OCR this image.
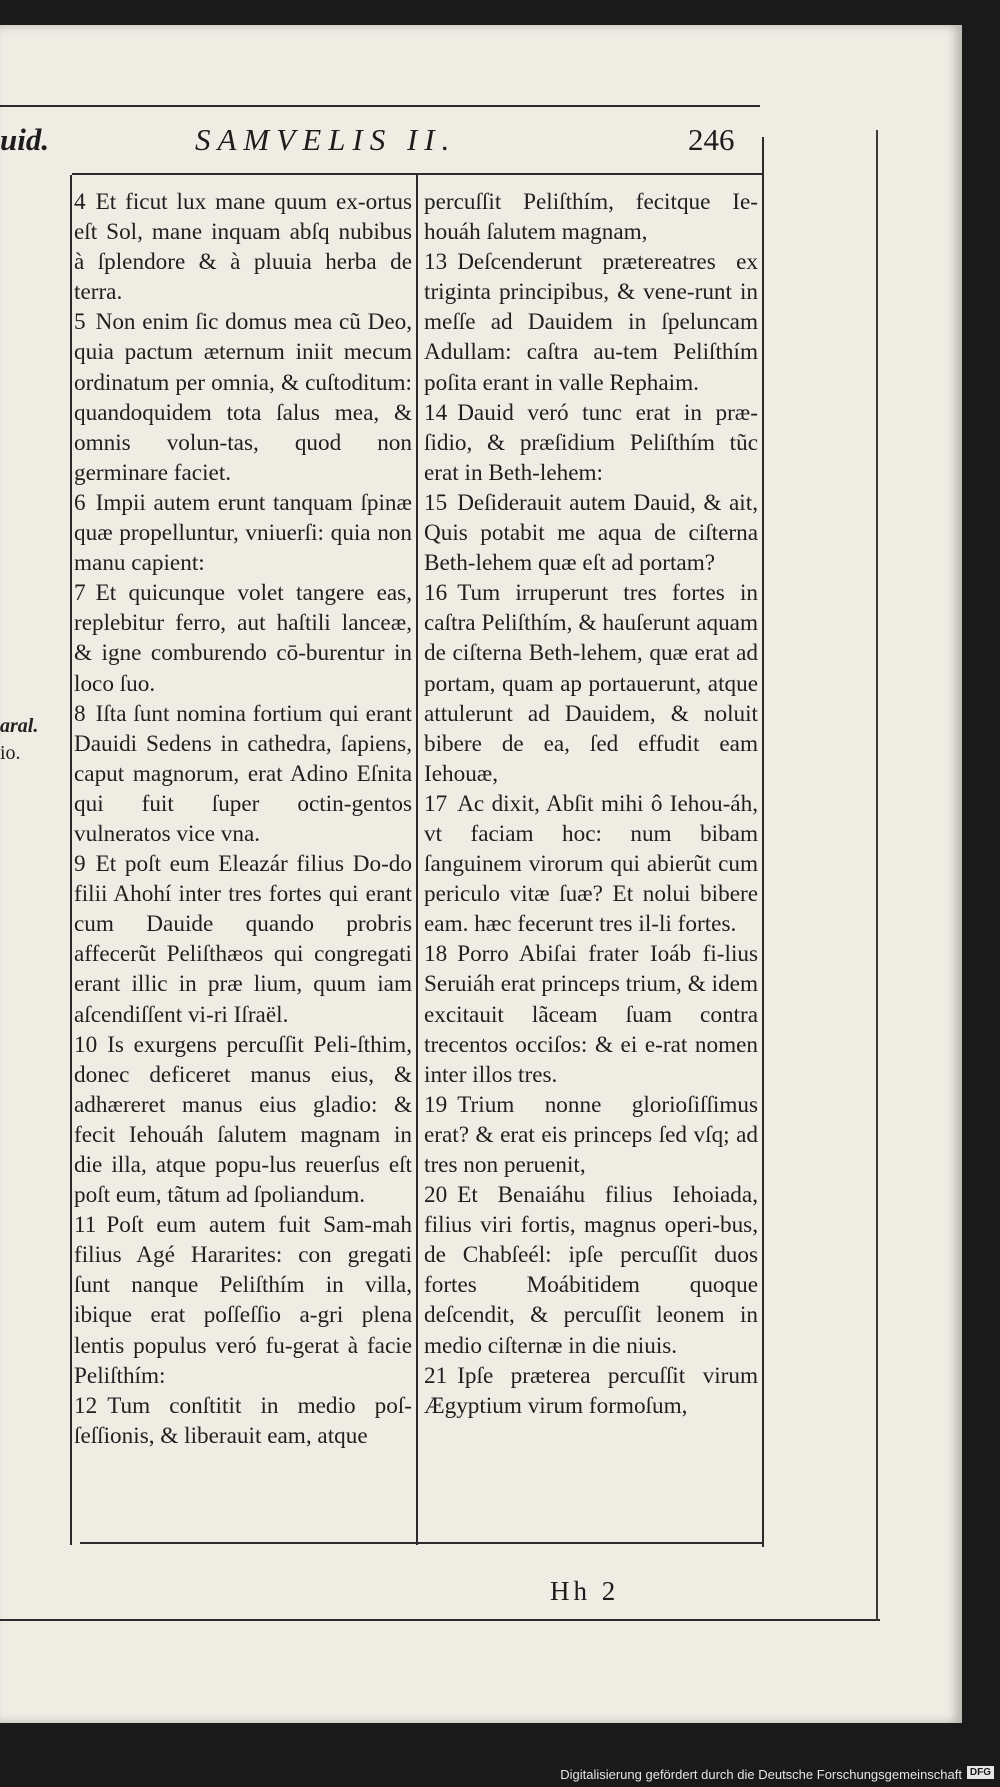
uid.	SAMVELIS II.	246
aral.
io.

4 Et ficut lux mane quum ex-ortus eſt Sol, mane inquam abſq nubibus à ſplendore & à pluuia herba de terra.

5 Non enim ſic domus mea cũ Deo, quia pactum æternum iniit mecum ordinatum per omnia, & cuſtoditum: quandoquidem tota ſalus mea, & omnis volun-tas, quod non germinare faciet.

6 Impii autem erunt tanquam ſpinæ quæ propelluntur, vniuerſi: quia non manu capient:

7 Et quicunque volet tangere eas, replebitur ferro, aut haſtili lanceæ, & igne comburendo cō-burentur in loco ſuo.

8 Iſta ſunt nomina fortium qui erant Dauidi Sedens in cathedra, ſapiens, caput magnorum, erat Adino Eſnita qui fuit ſuper octin-gentos vulneratos vice vna.

9 Et poſt eum Eleazár filius Do-do filii Ahohí inter tres fortes qui erant cum Dauide quando probris affecerũt Peliſthæos qui congregati erant illic in præ lium, quum iam aſcendiſſent vi-ri Iſraël.

10 Is exurgens percuſſit Peli-ſthim, donec deficeret manus eius, & adhæreret manus eius gladio: & fecit Iehouáh ſalutem magnam in die illa, atque popu-lus reuerſus eſt poſt eum, tãtum ad ſpoliandum.

11 Poſt eum autem fuit Sam-mah filius Agé Hararites: con gregati ſunt nanque Peliſthím in villa, ibique erat poſſeſſio a-gri plena lentis populus veró fu-gerat à facie Peliſthím:

12 Tum conſtitit in medio poſ-ſeſſionis, & liberauit eam, atque

percuſſit Peliſthím, fecitque Ie-houáh ſalutem magnam,

13 Deſcenderunt prætereatres ex triginta principibus, & vene-runt in meſſe ad Dauidem in ſpeluncam Adullam: caſtra au-tem Peliſthím poſita erant in valle Rephaim.

14 Dauid veró tunc erat in præ-ſidio, & præſidium Peliſthím tũc erat in Beth-lehem:

15 Deſiderauit autem Dauid, & ait, Quis potabit me aqua de ciſterna Beth-lehem quæ eſt ad portam?

16 Tum irruperunt tres fortes in caſtra Peliſthím, & hauſerunt aquam de ciſterna Beth-lehem, quæ erat ad portam, quam ap portauerunt, atque attulerunt ad Dauidem, & noluit bibere de ea, ſed effudit eam Iehouæ,

17 Ac dixit, Abſit mihi ô Iehou-áh, vt faciam hoc: num bibam ſanguinem virorum qui abierũt cum periculo vitæ ſuæ? Et nolui bibere eam. hæc fecerunt tres il-li fortes.

18 Porro Abiſai frater Ioáb fi-lius Seruiáh erat princeps trium, & idem excitauit lãceam ſuam contra trecentos occiſos: & ei e-rat nomen inter illos tres.

19 Trium nonne glorioſiſſimus erat? & erat eis princeps ſed vſq; ad tres non peruenit,

20 Et Benaiáhu filius Iehoiada, filius viri fortis, magnus operi-bus, de Chabſeél: ipſe percuſſit duos fortes Moábitidem quoque deſcendit, & percuſſit leonem in medio ciſternæ in die niuis.

21 Ipſe præterea percuſſit virum Ægyptium virum formoſum,

Hh 2
Digitalisierung gefördert durch die Deutsche Forschungsgemeinschaft DFG
